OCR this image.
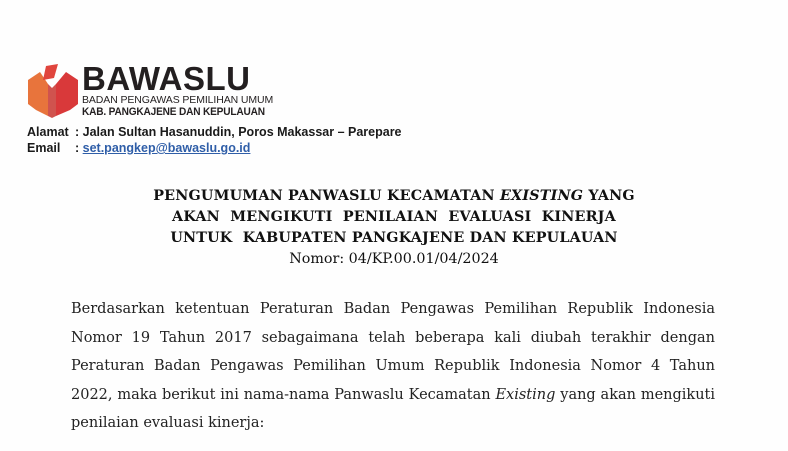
BAWASLU
BADAN PENGAWAS PEMILIHAN UMUM
KAB. PANGKAJENE DAN KEPULAUAN
Alamat : Jalan Sultan Hasanuddin, Poros Makassar – Parepare
Email	: set.pangkep@bawaslu.go.id
PENGUMUMAN PANWASLU KECAMATAN EXISTING YANG
AKAN  MENGIKUTI  PENILAIAN  EVALUASI  KINERJA
UNTUK  KABUPATEN PANGKAJENE DAN KEPULAUAN
Nomor: 04/KP.00.01/04/2024
Berdasarkan ketentuan Peraturan Badan Pengawas Pemilihan Republik Indonesia Nomor 19 Tahun 2017 sebagaimana telah beberapa kali diubah terakhir dengan Peraturan Badan Pengawas Pemilihan Umum Republik Indonesia Nomor 4 Tahun 2022, maka berikut ini nama-nama Panwaslu Kecamatan Existing yang akan mengikuti penilaian evaluasi kinerja:
